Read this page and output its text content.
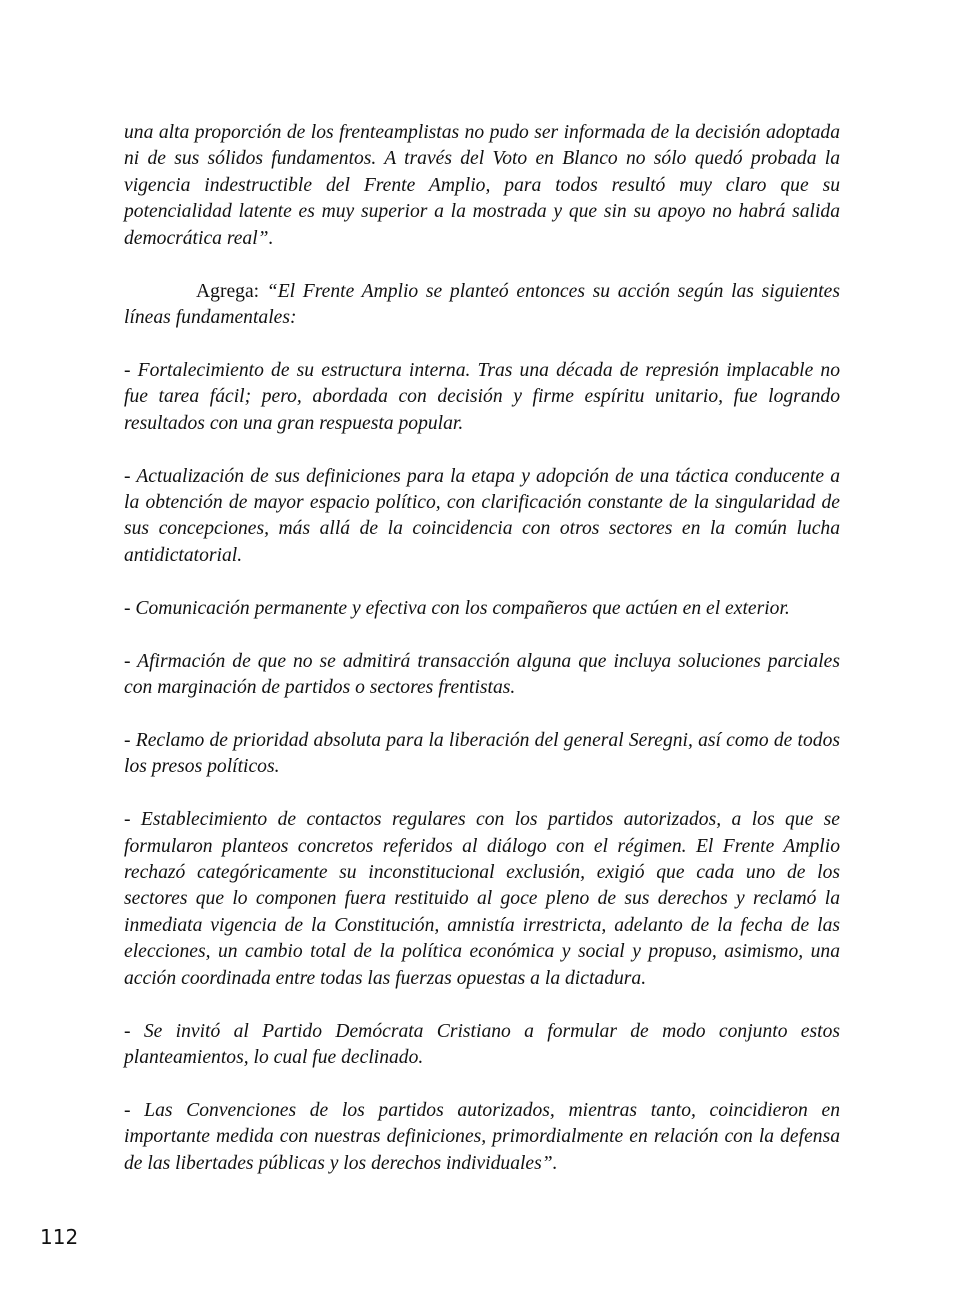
una alta proporción de los frenteamplistas no pudo ser informada de la decisión adoptada ni de sus sólidos fundamentos. A través del Voto en Blanco no sólo quedó probada la vigencia indestructible del Frente Amplio, para todos resultó muy claro que su potencialidad latente es muy superior a la mostrada y que sin su apoyo no habrá salida democrática real”.

Agrega: “El Frente Amplio se planteó entonces su acción según las siguientes líneas fundamentales:

- Fortalecimiento de su estructura interna. Tras una década de represión implacable no fue tarea fácil; pero, abordada con decisión y firme espíritu unitario, fue logrando resultados con una gran respuesta popular.

- Actualización de sus definiciones para la etapa y adopción de una táctica conducente a la obtención de mayor espacio político, con clarificación constante de la singularidad de sus concepciones, más allá de la coincidencia con otros sectores en la común lucha antidictatorial.

- Comunicación permanente y efectiva con los compañeros que actúen en el exterior.

- Afirmación de que no se admitirá transacción alguna que incluya soluciones parciales con marginación de partidos o sectores frentistas.

- Reclamo de prioridad absoluta para la liberación del general Seregni, así como de todos los presos políticos.

- Establecimiento de contactos regulares con los partidos autorizados, a los que se formularon planteos concretos referidos al diálogo con el régimen. El Frente Amplio rechazó categóricamente su inconstitucional exclusión, exigió que cada uno de los sectores que lo componen fuera restituido al goce pleno de sus derechos y reclamó la inmediata vigencia de la Constitución, amnistía irrestricta, adelanto de la fecha de las elecciones, un cambio total de la política económica y social y propuso, asimismo, una acción coordinada entre todas las fuerzas opuestas a la dictadura.

- Se invitó al Partido Demócrata Cristiano a formular de modo conjunto estos planteamientos, lo cual fue declinado.

- Las Convenciones de los partidos autorizados, mientras tanto, coincidieron en importante medida con nuestras definiciones, primordialmente en relación con la defensa de las libertades públicas y los derechos individuales”.

112
